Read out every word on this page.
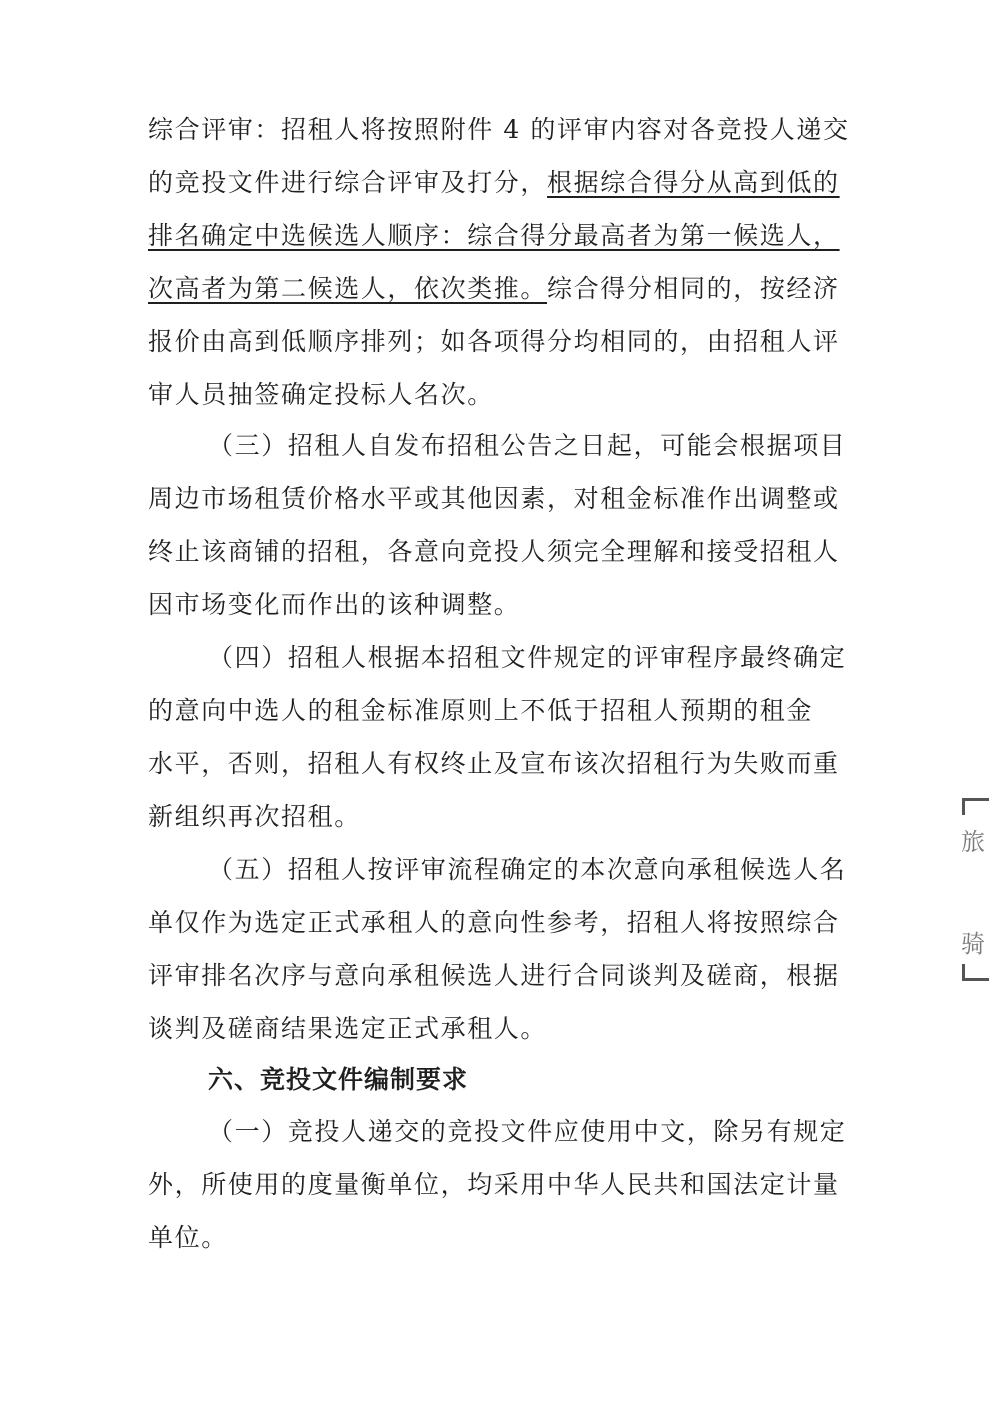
综合评审：招租人将按照附件 4 的评审内容对各竞投人递交
的竞投文件进行综合评审及打分，根据综合得分从高到低的
排名确定中选候选人顺序：综合得分最高者为第一候选人，
次高者为第二候选人，依次类推。综合得分相同的，按经济
报价由高到低顺序排列；如各项得分均相同的，由招租人评
审人员抽签确定投标人名次。
（三）招租人自发布招租公告之日起，可能会根据项目
周边市场租赁价格水平或其他因素，对租金标准作出调整或
终止该商铺的招租，各意向竞投人须完全理解和接受招租人
因市场变化而作出的该种调整。
（四）招租人根据本招租文件规定的评审程序最终确定
的意向中选人的租金标准原则上不低于招租人预期的租金
水平，否则，招租人有权终止及宣布该次招租行为失败而重
新组织再次招租。
（五）招租人按评审流程确定的本次意向承租候选人名
单仅作为选定正式承租人的意向性参考，招租人将按照综合
评审排名次序与意向承租候选人进行合同谈判及磋商，根据
谈判及磋商结果选定正式承租人。
六、竞投文件编制要求
（一）竞投人递交的竞投文件应使用中文，除另有规定
外，所使用的度量衡单位，均采用中华人民共和国法定计量
单位。
旅
骑
